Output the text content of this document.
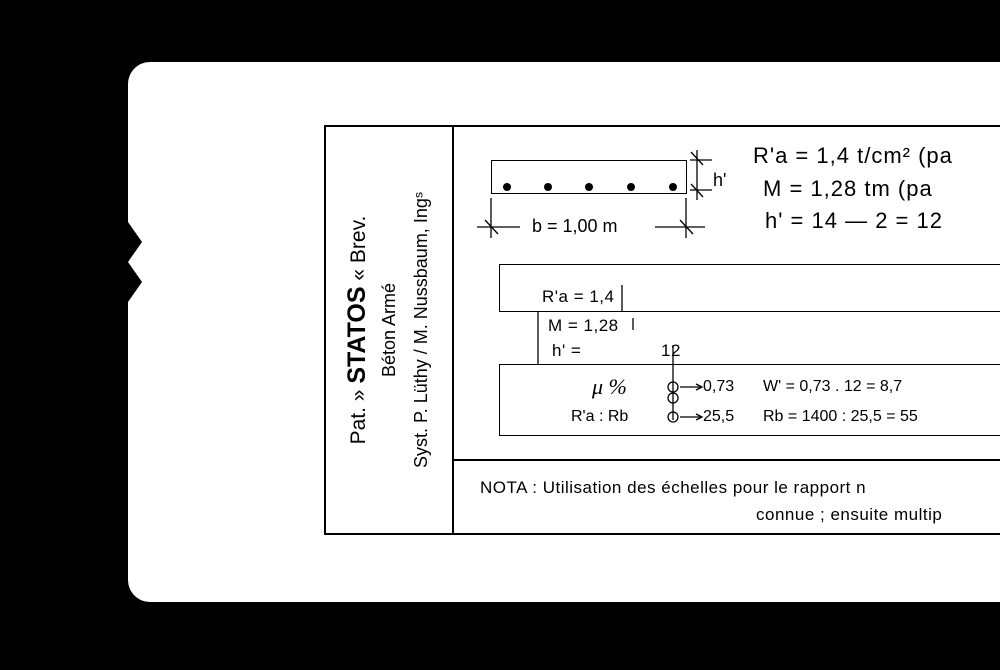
Pat. » STATOS « Brev.
Béton Armé Syst. P. Lüthy / M. Nussbaum, Ingˢ
h'
b = 1,00 m
R'a = 1,4 t/cm² (pa
M = 1,28 tm (pa
h' = 14 — 2 = 12
R'a = 1,4
M = 1,28
h' =	12
μ %	0,73 W' = 0,73 . 12 = 8,7
R'a : Rb	25,5 Rb = 1400 : 25,5 = 55
NOTA : Utilisation des échelles pour le rapport n
connue ; ensuite multip
